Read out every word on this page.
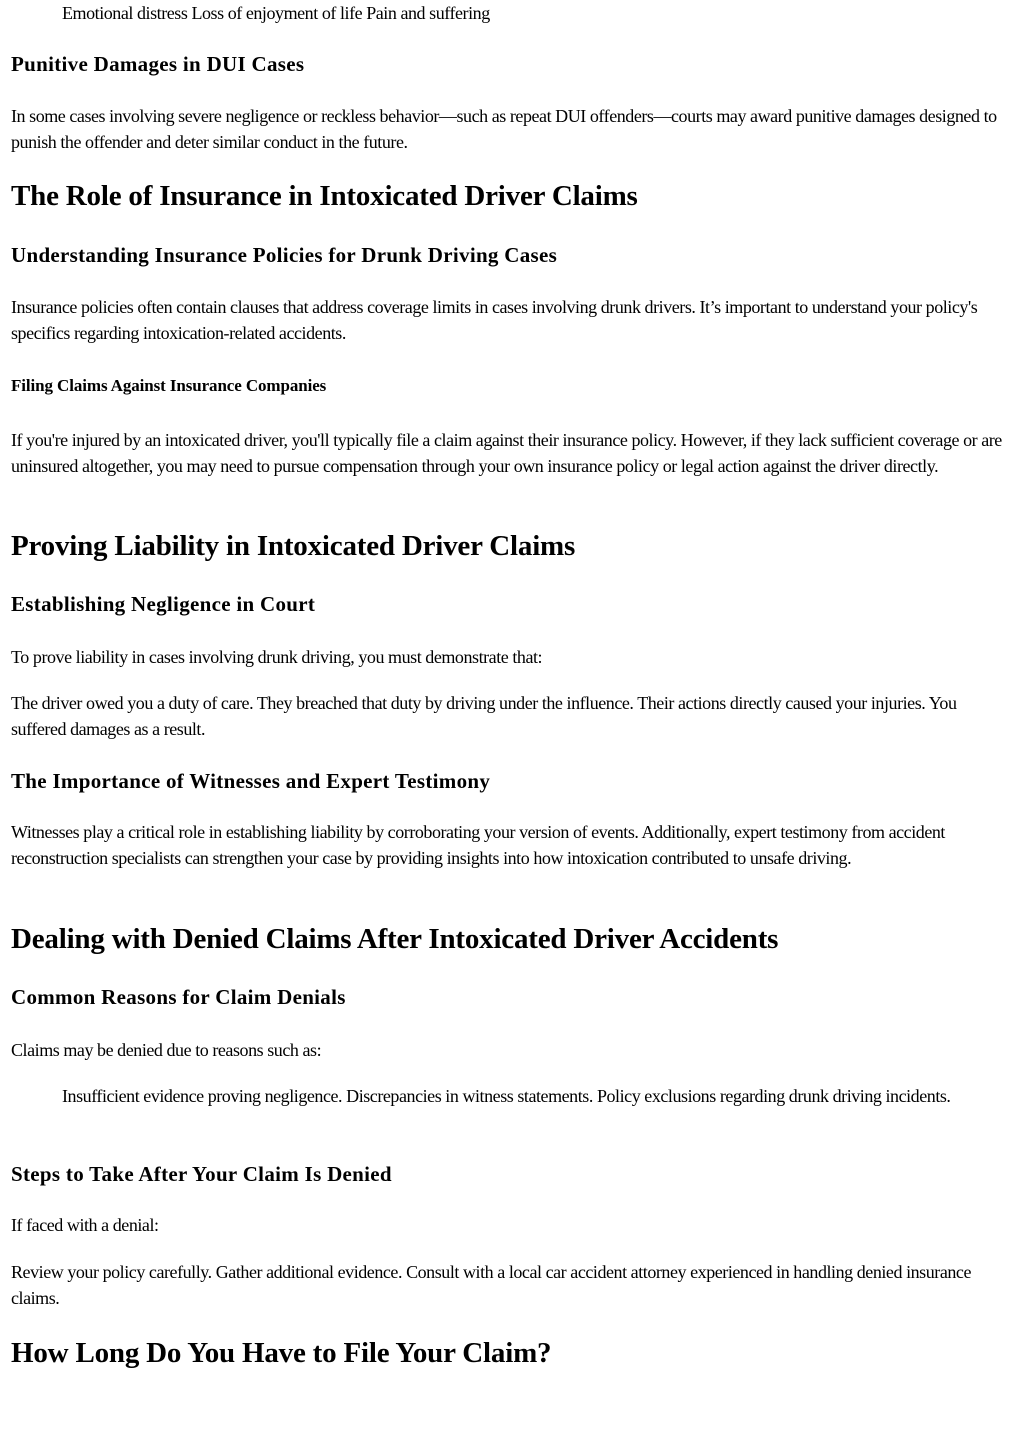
Emotional distress Loss of enjoyment of life Pain and suffering

Punitive Damages in DUI Cases

In some cases involving severe negligence or reckless behavior—such as repeat DUI offenders—courts may award punitive damages designed to punish the offender and deter similar conduct in the future.

The Role of Insurance in Intoxicated Driver Claims
Understanding Insurance Policies for Drunk Driving Cases

Insurance policies often contain clauses that address coverage limits in cases involving drunk drivers. It’s important to understand your policy's specifics regarding intoxication-related accidents.

Filing Claims Against Insurance Companies

If you're injured by an intoxicated driver, you'll typically file a claim against their insurance policy. However, if they lack sufficient coverage or are uninsured altogether, you may need to pursue compensation through your own insurance policy or legal action against the driver directly.

Proving Liability in Intoxicated Driver Claims
Establishing Negligence in Court

To prove liability in cases involving drunk driving, you must demonstrate that:

The driver owed you a duty of care. They breached that duty by driving under the influence. Their actions directly caused your injuries. You suffered damages as a result.

The Importance of Witnesses and Expert Testimony

Witnesses play a critical role in establishing liability by corroborating your version of events. Additionally, expert testimony from accident reconstruction specialists can strengthen your case by providing insights into how intoxication contributed to unsafe driving.

Dealing with Denied Claims After Intoxicated Driver Accidents
Common Reasons for Claim Denials

Claims may be denied due to reasons such as:

Insufficient evidence proving negligence. Discrepancies in witness statements. Policy exclusions regarding drunk driving incidents.

Steps to Take After Your Claim Is Denied

If faced with a denial:

Review your policy carefully. Gather additional evidence. Consult with a local car accident attorney experienced in handling denied insurance claims.

How Long Do You Have to File Your Claim?
